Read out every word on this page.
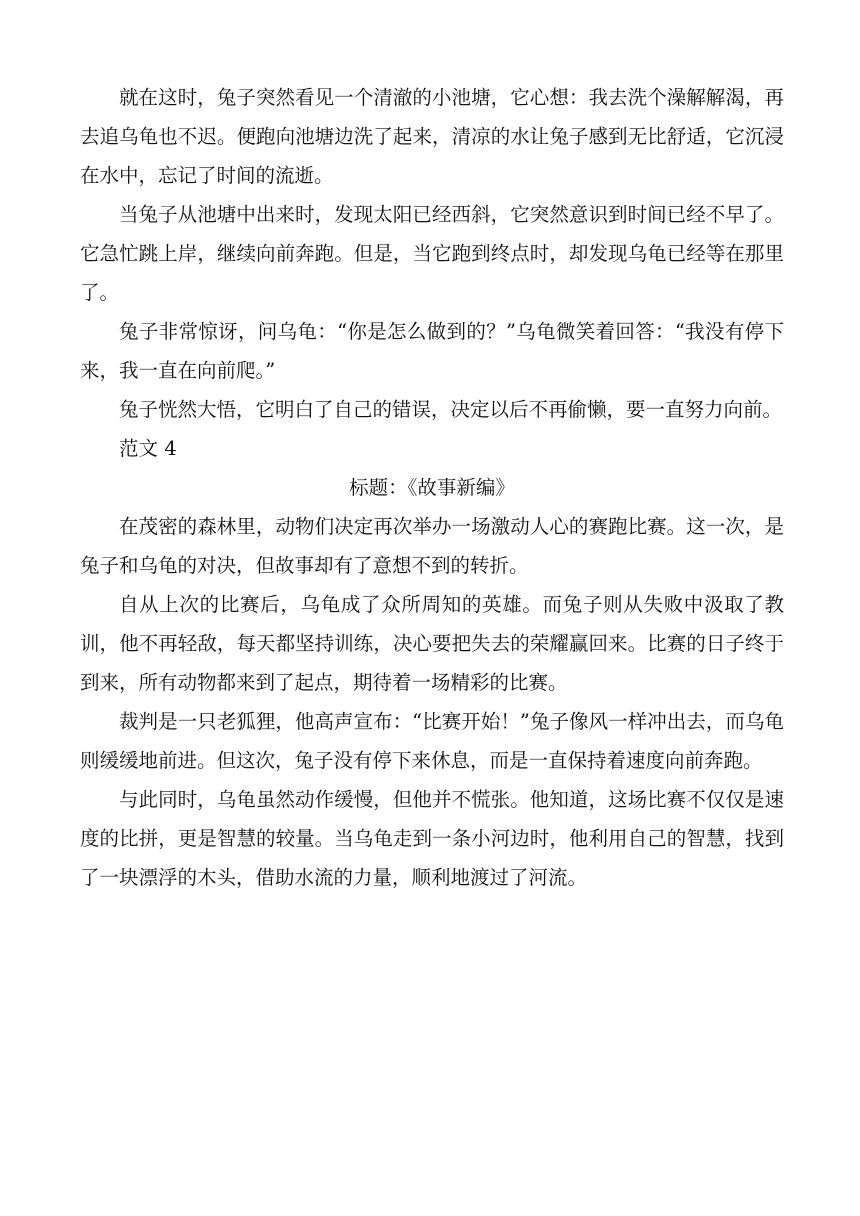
就在这时，兔子突然看见一个清澈的小池塘，它心想：我去洗个澡解解渴，再去追乌龟也不迟。便跑向池塘边洗了起来，清凉的水让兔子感到无比舒适，它沉浸在水中，忘记了时间的流逝。

当兔子从池塘中出来时，发现太阳已经西斜，它突然意识到时间已经不早了。它急忙跳上岸，继续向前奔跑。但是，当它跑到终点时，却发现乌龟已经等在那里了。

兔子非常惊讶，问乌龟：“你是怎么做到的？”乌龟微笑着回答：“我没有停下来，我一直在向前爬。”

兔子恍然大悟，它明白了自己的错误，决定以后不再偷懒，要一直努力向前。

范文 4

标题：《故事新编》

在茂密的森林里，动物们决定再次举办一场激动人心的赛跑比赛。这一次，是兔子和乌龟的对决，但故事却有了意想不到的转折。

自从上次的比赛后，乌龟成了众所周知的英雄。而兔子则从失败中汲取了教训，他不再轻敌，每天都坚持训练，决心要把失去的荣耀赢回来。比赛的日子终于到来，所有动物都来到了起点，期待着一场精彩的比赛。

裁判是一只老狐狸，他高声宣布：“比赛开始！”兔子像风一样冲出去，而乌龟则缓缓地前进。但这次，兔子没有停下来休息，而是一直保持着速度向前奔跑。

与此同时，乌龟虽然动作缓慢，但他并不慌张。他知道，这场比赛不仅仅是速度的比拼，更是智慧的较量。当乌龟走到一条小河边时，他利用自己的智慧，找到了一块漂浮的木头，借助水流的力量，顺利地渡过了河流。
